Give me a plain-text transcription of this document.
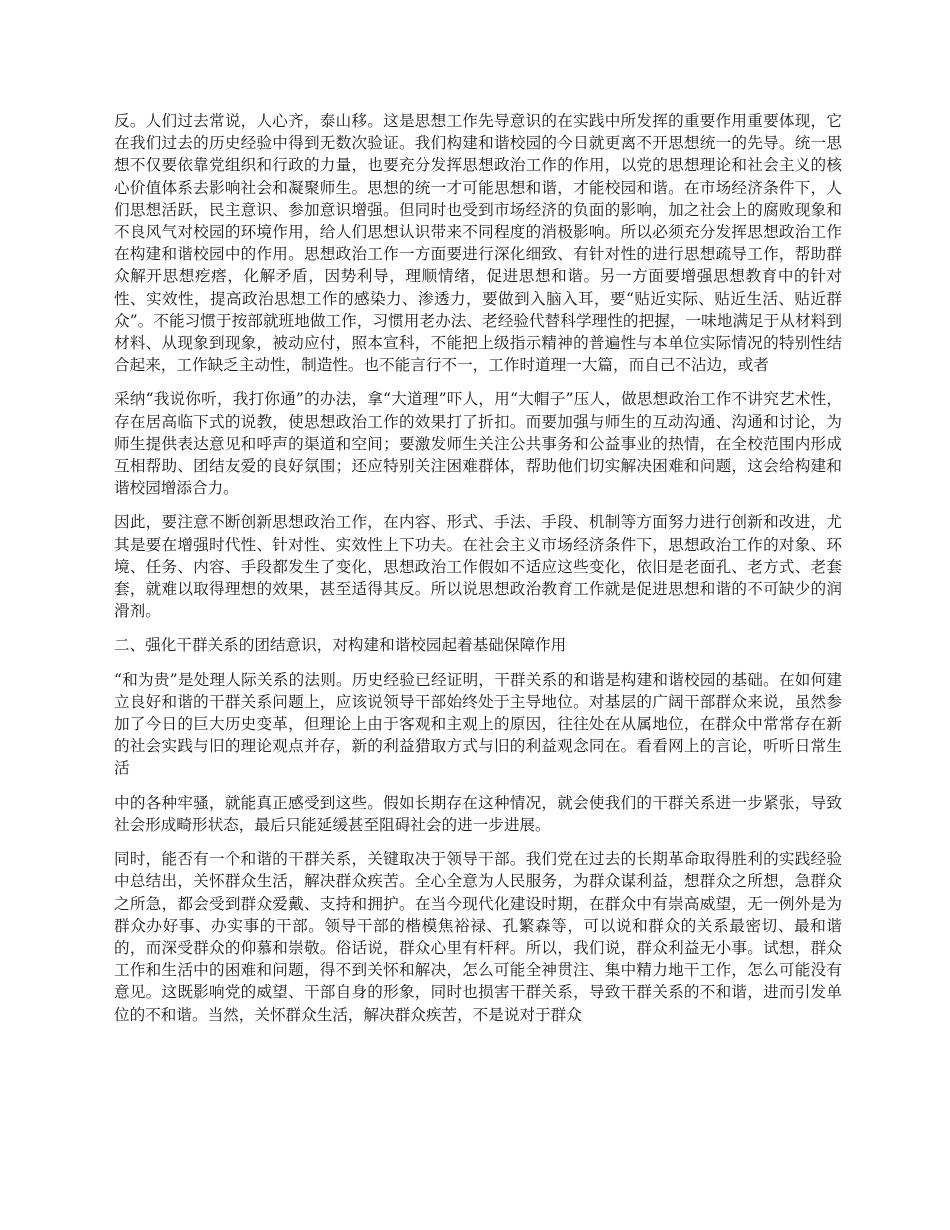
反。人们过去常说，人心齐，泰山移。这是思想工作先导意识的在实践中所发挥的重要作用重要体现，它在我们过去的历史经验中得到无数次验证。我们构建和谐校园的今日就更离不开思想统一的先导。统一思想不仅要依靠党组织和行政的力量，也要充分发挥思想政治工作的作用，以党的思想理论和社会主义的核心价值体系去影响社会和凝聚师生。思想的统一才可能思想和谐，才能校园和谐。在市场经济条件下，人们思想活跃，民主意识、参加意识增强。但同时也受到市场经济的负面的影响，加之社会上的腐败现象和不良风气对校园的环境作用，给人们思想认识带来不同程度的消极影响。所以必须充分发挥思想政治工作在构建和谐校园中的作用。思想政治工作一方面要进行深化细致、有针对性的进行思想疏导工作，帮助群众解开思想疙瘩，化解矛盾，因势利导，理顺情绪，促进思想和谐。另一方面要增强思想教育中的针对性、实效性，提高政治思想工作的感染力、渗透力，要做到入脑入耳，要“贴近实际、贴近生活、贴近群众”。不能习惯于按部就班地做工作，习惯用老办法、老经验代替科学理性的把握，一味地满足于从材料到材料、从现象到现象，被动应付，照本宣科，不能把上级指示精神的普遍性与本单位实际情况的特别性结合起来，工作缺乏主动性，制造性。也不能言行不一，工作时道理一大篇，而自己不沾边，或者

采纳“我说你听，我打你通”的办法，拿“大道理”吓人，用“大帽子”压人，做思想政治工作不讲究艺术性，存在居高临下式的说教，使思想政治工作的效果打了折扣。而要加强与师生的互动沟通、沟通和讨论，为师生提供表达意见和呼声的渠道和空间；要激发师生关注公共事务和公益事业的热情，在全校范围内形成互相帮助、团结友爱的良好氛围；还应特别关注困难群体，帮助他们切实解决困难和问题，这会给构建和谐校园增添合力。

因此，要注意不断创新思想政治工作，在内容、形式、手法、手段、机制等方面努力进行创新和改进，尤其是要在增强时代性、针对性、实效性上下功夫。在社会主义市场经济条件下，思想政治工作的对象、环境、任务、内容、手段都发生了变化，思想政治工作假如不适应这些变化，依旧是老面孔、老方式、老套套，就难以取得理想的效果，甚至适得其反。所以说思想政治教育工作就是促进思想和谐的不可缺少的润滑剂。

二、强化干群关系的团结意识，对构建和谐校园起着基础保障作用

“和为贵”是处理人际关系的法则。历史经验已经证明，干群关系的和谐是构建和谐校园的基础。在如何建立良好和谐的干群关系问题上，应该说领导干部始终处于主导地位。对基层的广阔干部群众来说，虽然参加了今日的巨大历史变革，但理论上由于客观和主观上的原因，往往处在从属地位，在群众中常常存在新的社会实践与旧的理论观点并存，新的利益猎取方式与旧的利益观念同在。看看网上的言论，听听日常生活

中的各种牢骚，就能真正感受到这些。假如长期存在这种情况，就会使我们的干群关系进一步紧张，导致社会形成畸形状态，最后只能延缓甚至阻碍社会的进一步进展。

同时，能否有一个和谐的干群关系，关键取决于领导干部。我们党在过去的长期革命取得胜利的实践经验中总结出，关怀群众生活，解决群众疾苦。全心全意为人民服务，为群众谋利益，想群众之所想，急群众之所急，都会受到群众爱戴、支持和拥护。在当今现代化建设时期，在群众中有崇高威望，无一例外是为群众办好事、办实事的干部。领导干部的楷模焦裕禄、孔繁森等，可以说和群众的关系最密切、最和谐的，而深受群众的仰慕和崇敬。俗话说，群众心里有杆秤。所以，我们说，群众利益无小事。试想，群众工作和生活中的困难和问题，得不到关怀和解决，怎么可能全神贯注、集中精力地干工作，怎么可能没有意见。这既影响党的威望、干部自身的形象，同时也损害干群关系，导致干群关系的不和谐，进而引发单位的不和谐。当然，关怀群众生活，解决群众疾苦，不是说对于群众
